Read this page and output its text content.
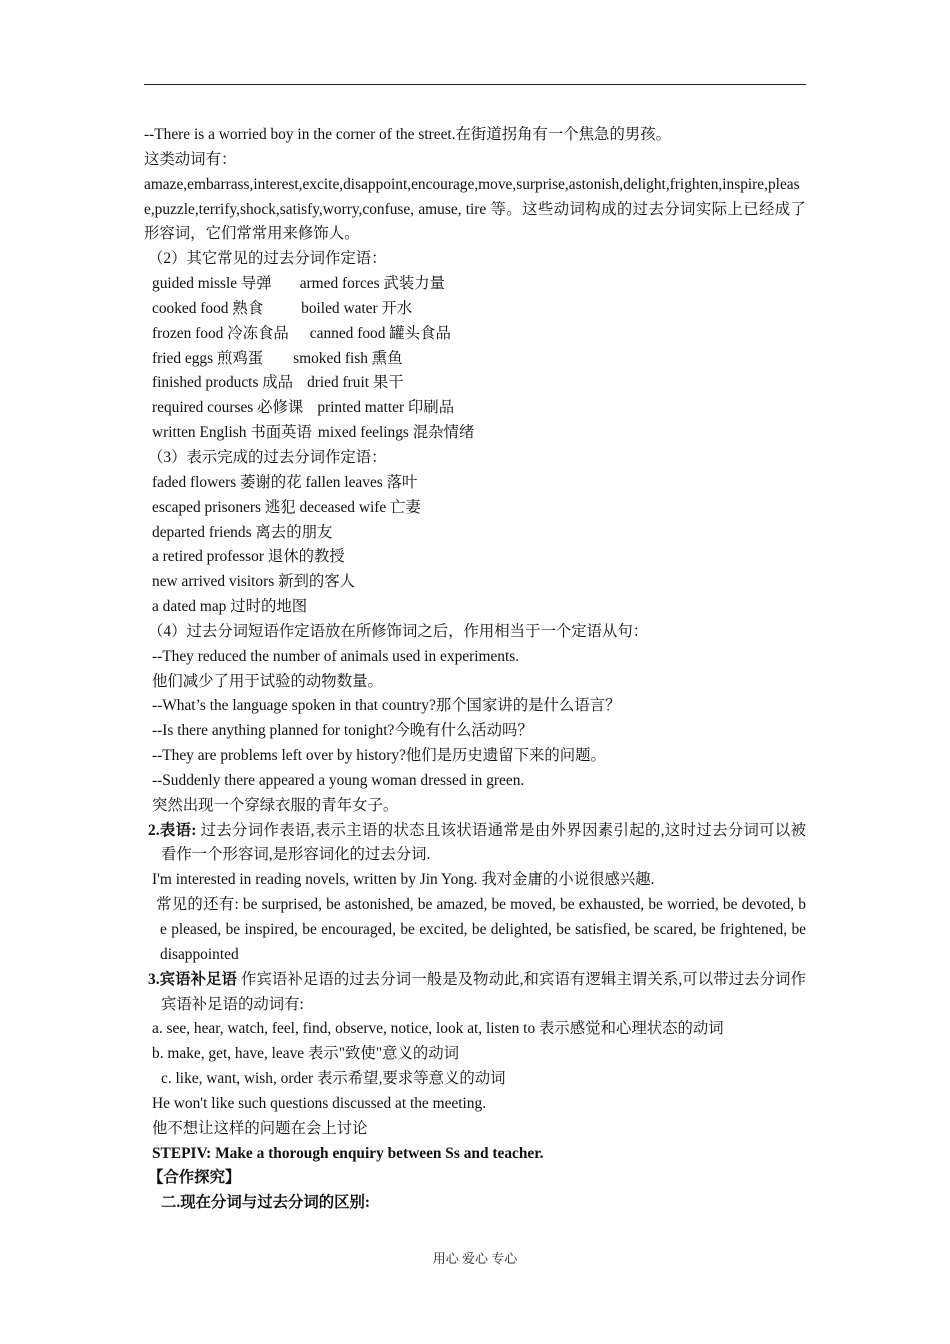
--There is a worried boy in the corner of the street.在街道拐角有一个焦急的男孩。

这类动词有：

amaze,embarrass,interest,excite,disappoint,encourage,move,surprise,astonish,delight,frighten,inspire,please,puzzle,terrify,shock,satisfy,worry,confuse, amuse, tire 等。这些动词构成的过去分词实际上已经成了形容词，它们常常用来修饰人。

（2）其它常见的过去分词作定语：

guided missle 导弹 armed forces 武装力量

cooked food 熟食 boiled water 开水

frozen food 冷冻食品 canned food 罐头食品

fried eggs 煎鸡蛋 smoked fish 熏鱼

finished products 成品 dried fruit 果干

required courses 必修课 printed matter 印刷品

written English 书面英语 mixed feelings 混杂情绪

（3）表示完成的过去分词作定语：

faded flowers 萎谢的花 fallen leaves 落叶

escaped prisoners 逃犯 deceased wife 亡妻

departed friends 离去的朋友

a retired professor 退休的教授

new arrived visitors 新到的客人

a dated map 过时的地图

（4）过去分词短语作定语放在所修饰词之后，作用相当于一个定语从句：

--They reduced the number of animals used in experiments.

他们减少了用于试验的动物数量。

--What’s the language spoken in that country?那个国家讲的是什么语言？

--Is there anything planned for tonight?今晚有什么活动吗？

--They are problems left over by history?他们是历史遗留下来的问题。

--Suddenly there appeared a young woman dressed in green.

突然出现一个穿绿衣服的青年女子。

2.表语: 过去分词作表语,表示主语的状态且该状语通常是由外界因素引起的,这时过去分词可以被看作一个形容词,是形容词化的过去分词.

I'm interested in reading novels, written by Jin Yong. 我对金庸的小说很感兴趣.

常见的还有: be surprised, be astonished, be amazed, be moved, be exhausted, be worried, be devoted, be pleased, be inspired, be encouraged, be excited, be delighted, be satisfied, be scared, be frightened, be disappointed

3.宾语补足语 作宾语补足语的过去分词一般是及物动此,和宾语有逻辑主谓关系,可以带过去分词作宾语补足语的动词有:

a. see, hear, watch, feel, find, observe, notice, look at, listen to 表示感觉和心理状态的动词

b. make, get, have, leave 表示"致使"意义的动词

c. like, want, wish, order 表示希望,要求等意义的动词

He won't like such questions discussed at the meeting.

他不想让这样的问题在会上讨论

STEPIV: Make a thorough enquiry between Ss and teacher.

【合作探究】

二.现在分词与过去分词的区别:

用心 爱心 专心
